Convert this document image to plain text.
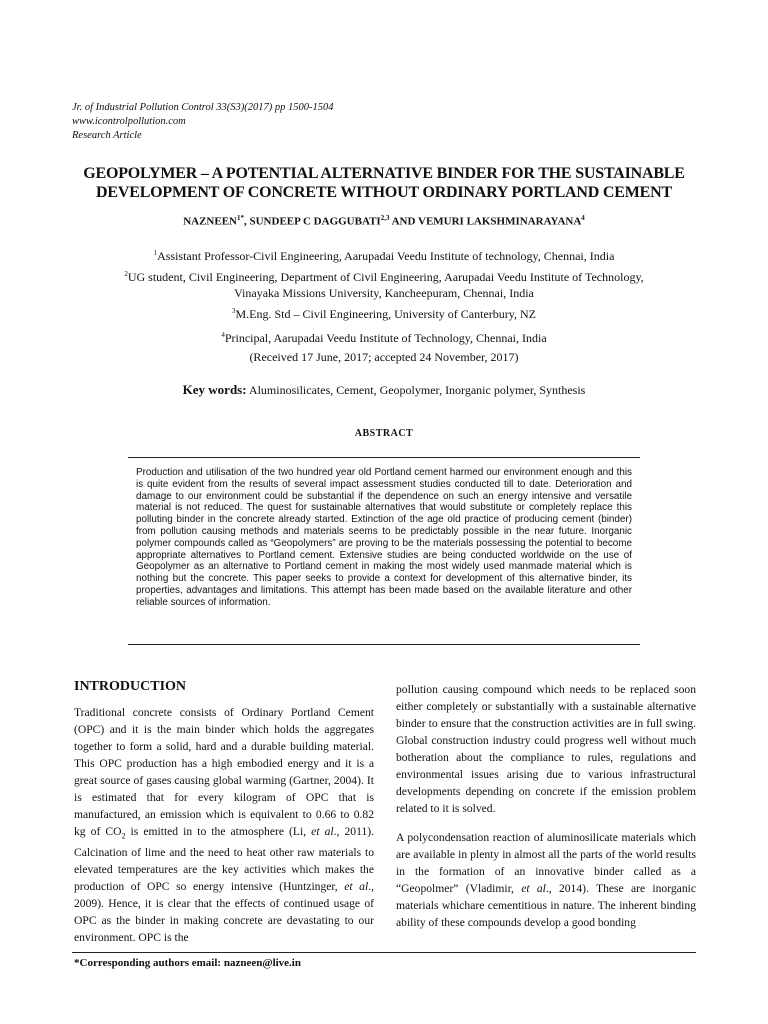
Jr. of Industrial Pollution Control 33(S3)(2017) pp 1500-1504
www.icontrolpollution.com
Research Article
GEOPOLYMER – A POTENTIAL ALTERNATIVE BINDER FOR THE SUSTAINABLE
DEVELOPMENT OF CONCRETE WITHOUT ORDINARY PORTLAND CEMENT
$NAZNEEN^{1*}$, SUNDEEP C DAGGUBATI$^{2,3}$ AND VEMURI LAKSHMINARAYANA$^4$
$^1$Assistant Professor-Civil Engineering, Aarupadai Veedu Institute of technology, Chennai, India
$^2$UG student, Civil Engineering, Department of Civil Engineering, Aarupadai Veedu Institute of Technology,
Vinayaka Missions University, Kancheepuram, Chennai, India
$^3$M.Eng. Std – Civil Engineering, University of Canterbury, NZ
$^4$Principal, Aarupadai Veedu Institute of Technology, Chennai, India
(Received 17 June, 2017; accepted 24 November, 2017)
Key words: Aluminosilicates, Cement, Geopolymer, Inorganic polymer, Synthesis
ABSTRACT
Production and utilisation of the two hundred year old Portland cement harmed our environment enough and this is quite evident from the results of several impact assessment studies conducted till to date. Deterioration and damage to our environment could be substantial if the dependence on such an energy intensive and versatile material is not reduced. The quest for sustainable alternatives that would substitute or completely replace this polluting binder in the concrete already started. Extinction of the age old practice of producing cement (binder) from pollution causing methods and materials seems to be predictably possible in the near future. Inorganic polymer compounds called as “Geopolymers” are proving to be the materials possessing the potential to become appropriate alternatives to Portland cement. Extensive studies are being conducted worldwide on the use of Geopolymer as an alternative to Portland cement in making the most widely used manmade material which is nothing but the concrete. This paper seeks to provide a context for development of this alternative binder, its properties, advantages and limitations. This attempt has been made based on the available literature and other reliable sources of information.
INTRODUCTION

Traditional concrete consists of Ordinary Portland Cement (OPC) and it is the main binder which holds the aggregates together to form a solid, hard and a durable building material. This OPC production has a high embodied energy and it is a great source of gases causing global warming (Gartner, 2004). It is estimated that for every kilogram of OPC that is manufactured, an emission which is equivalent to 0.66 to 0.82 kg of $CO_2$ is emitted in to the atmosphere (Li, et al., 2011). Calcination of lime and the need to heat other raw materials to elevated temperatures are the key activities which makes the production of OPC so energy intensive (Huntzinger, et al., 2009). Hence, it is clear that the effects of continued usage of OPC as the binder in making concrete are devastating to our environment. OPC is the

pollution causing compound which needs to be replaced soon either completely or substantially with a sustainable alternative binder to ensure that the construction activities are in full swing. Global construction industry could progress well without much botheration about the compliance to rules, regulations and environmental issues arising due to various infrastructural developments depending on concrete if the emission problem related to it is solved.

A polycondensation reaction of aluminosilicate materials which are available in plenty in almost all the parts of the world results in the formation of an innovative binder called as a “Geopolmer” (Vladimir, et al., 2014). These are inorganic materials whichare cementitious in nature. The inherent binding ability of these compounds develop a good bonding

*Corresponding authors email: nazneen@live.in
